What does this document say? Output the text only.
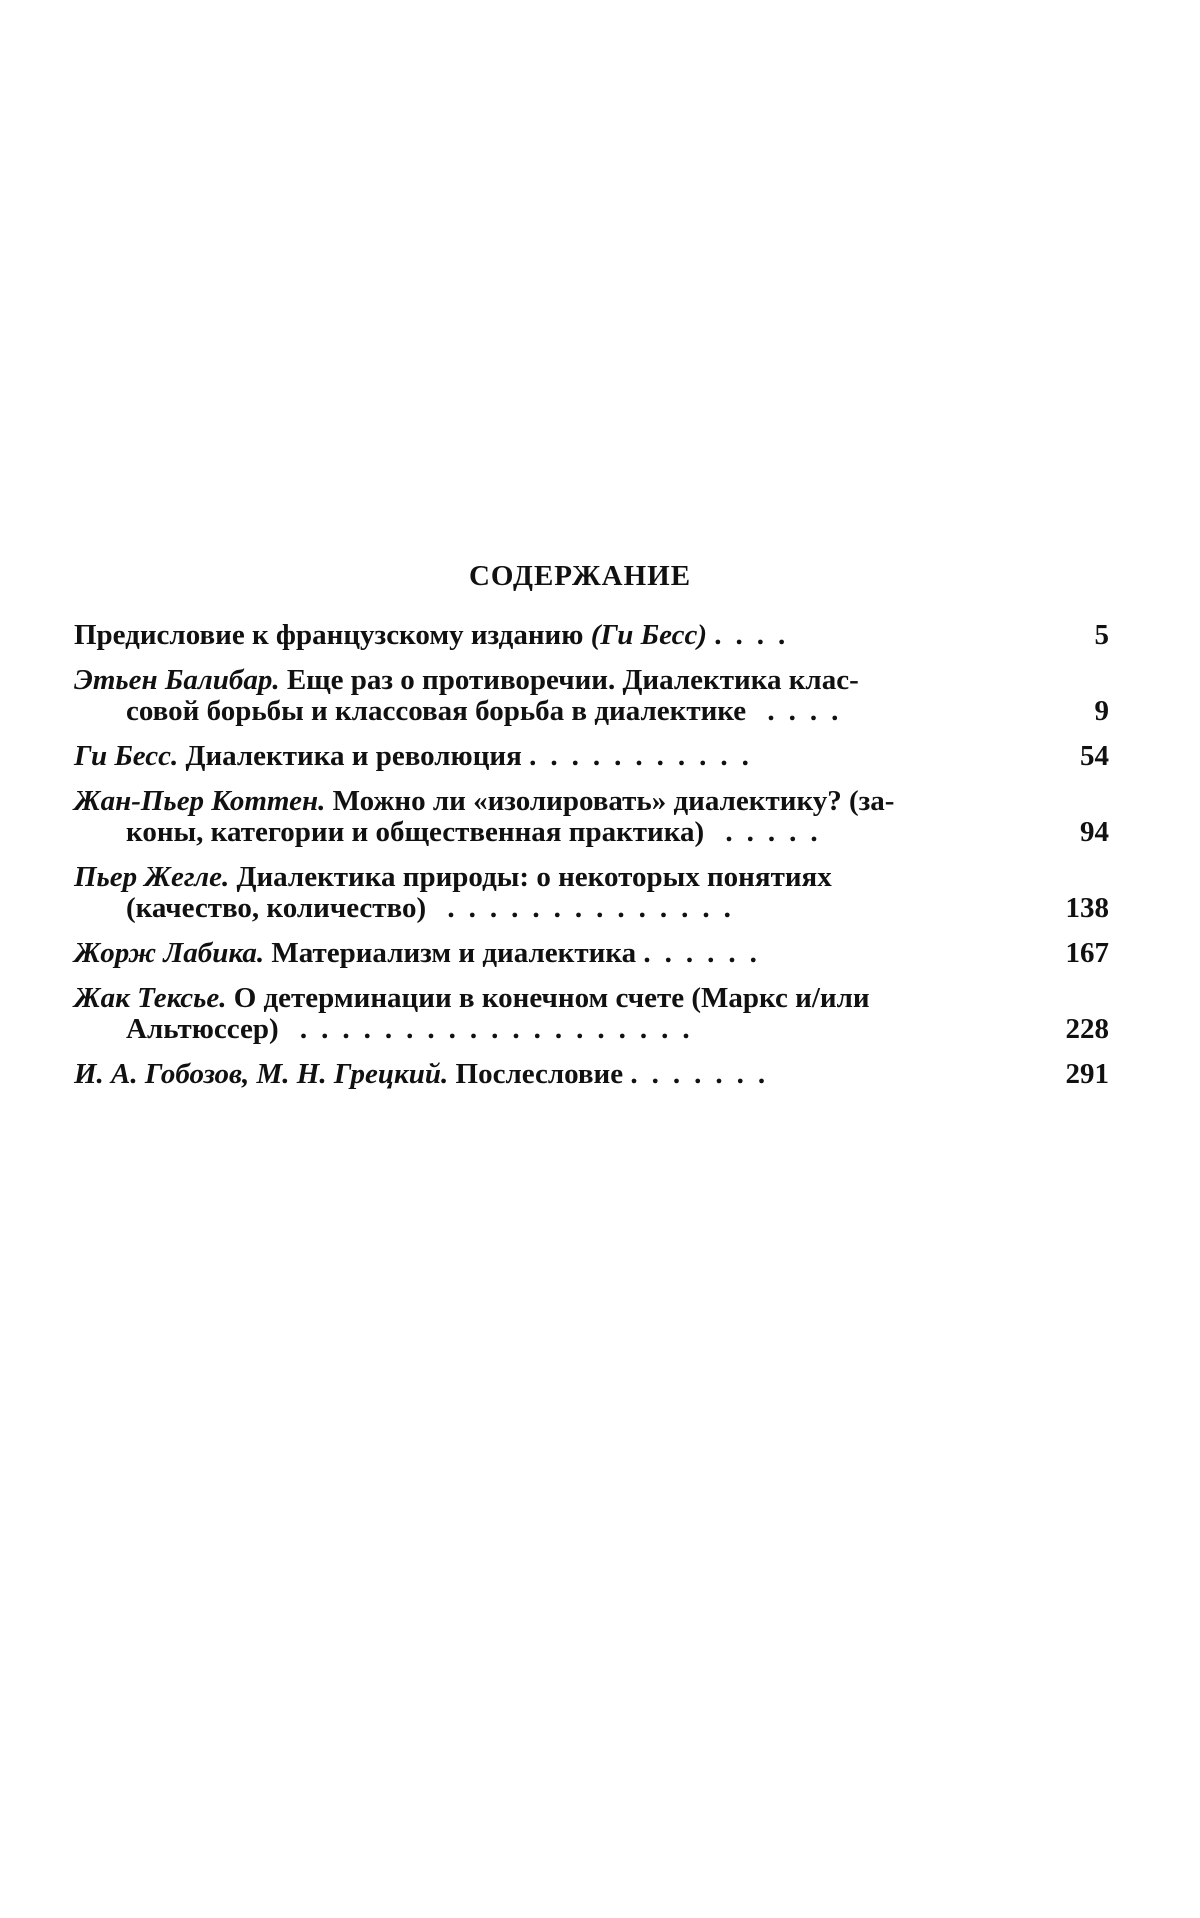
СОДЕРЖАНИЕ
Предисловие к французскому изданию (Ги Бесс) ....	5
Этьен Балибар. Еще раз о противоречии. Диалектика клас-
совой борьбы и классовая борьба в диалектике ....	9
Ги Бесс. Диалектика и революция ...........	54
Жан-Пьер Коттен. Можно ли «изолировать» диалектику? (за-
коны, категории и общественная практика) .....	94
Пьер Жегле. Диалектика природы: о некоторых понятиях
(качество, количество) ..............	138
Жорж Лабика. Материализм и диалектика ......	167
Жак Тексье. О детерминации в конечном счете (Маркс и/или
Альтюссер) ...................	228
И. А. Гобозов, М. Н. Грецкий. Послесловие .......	291
